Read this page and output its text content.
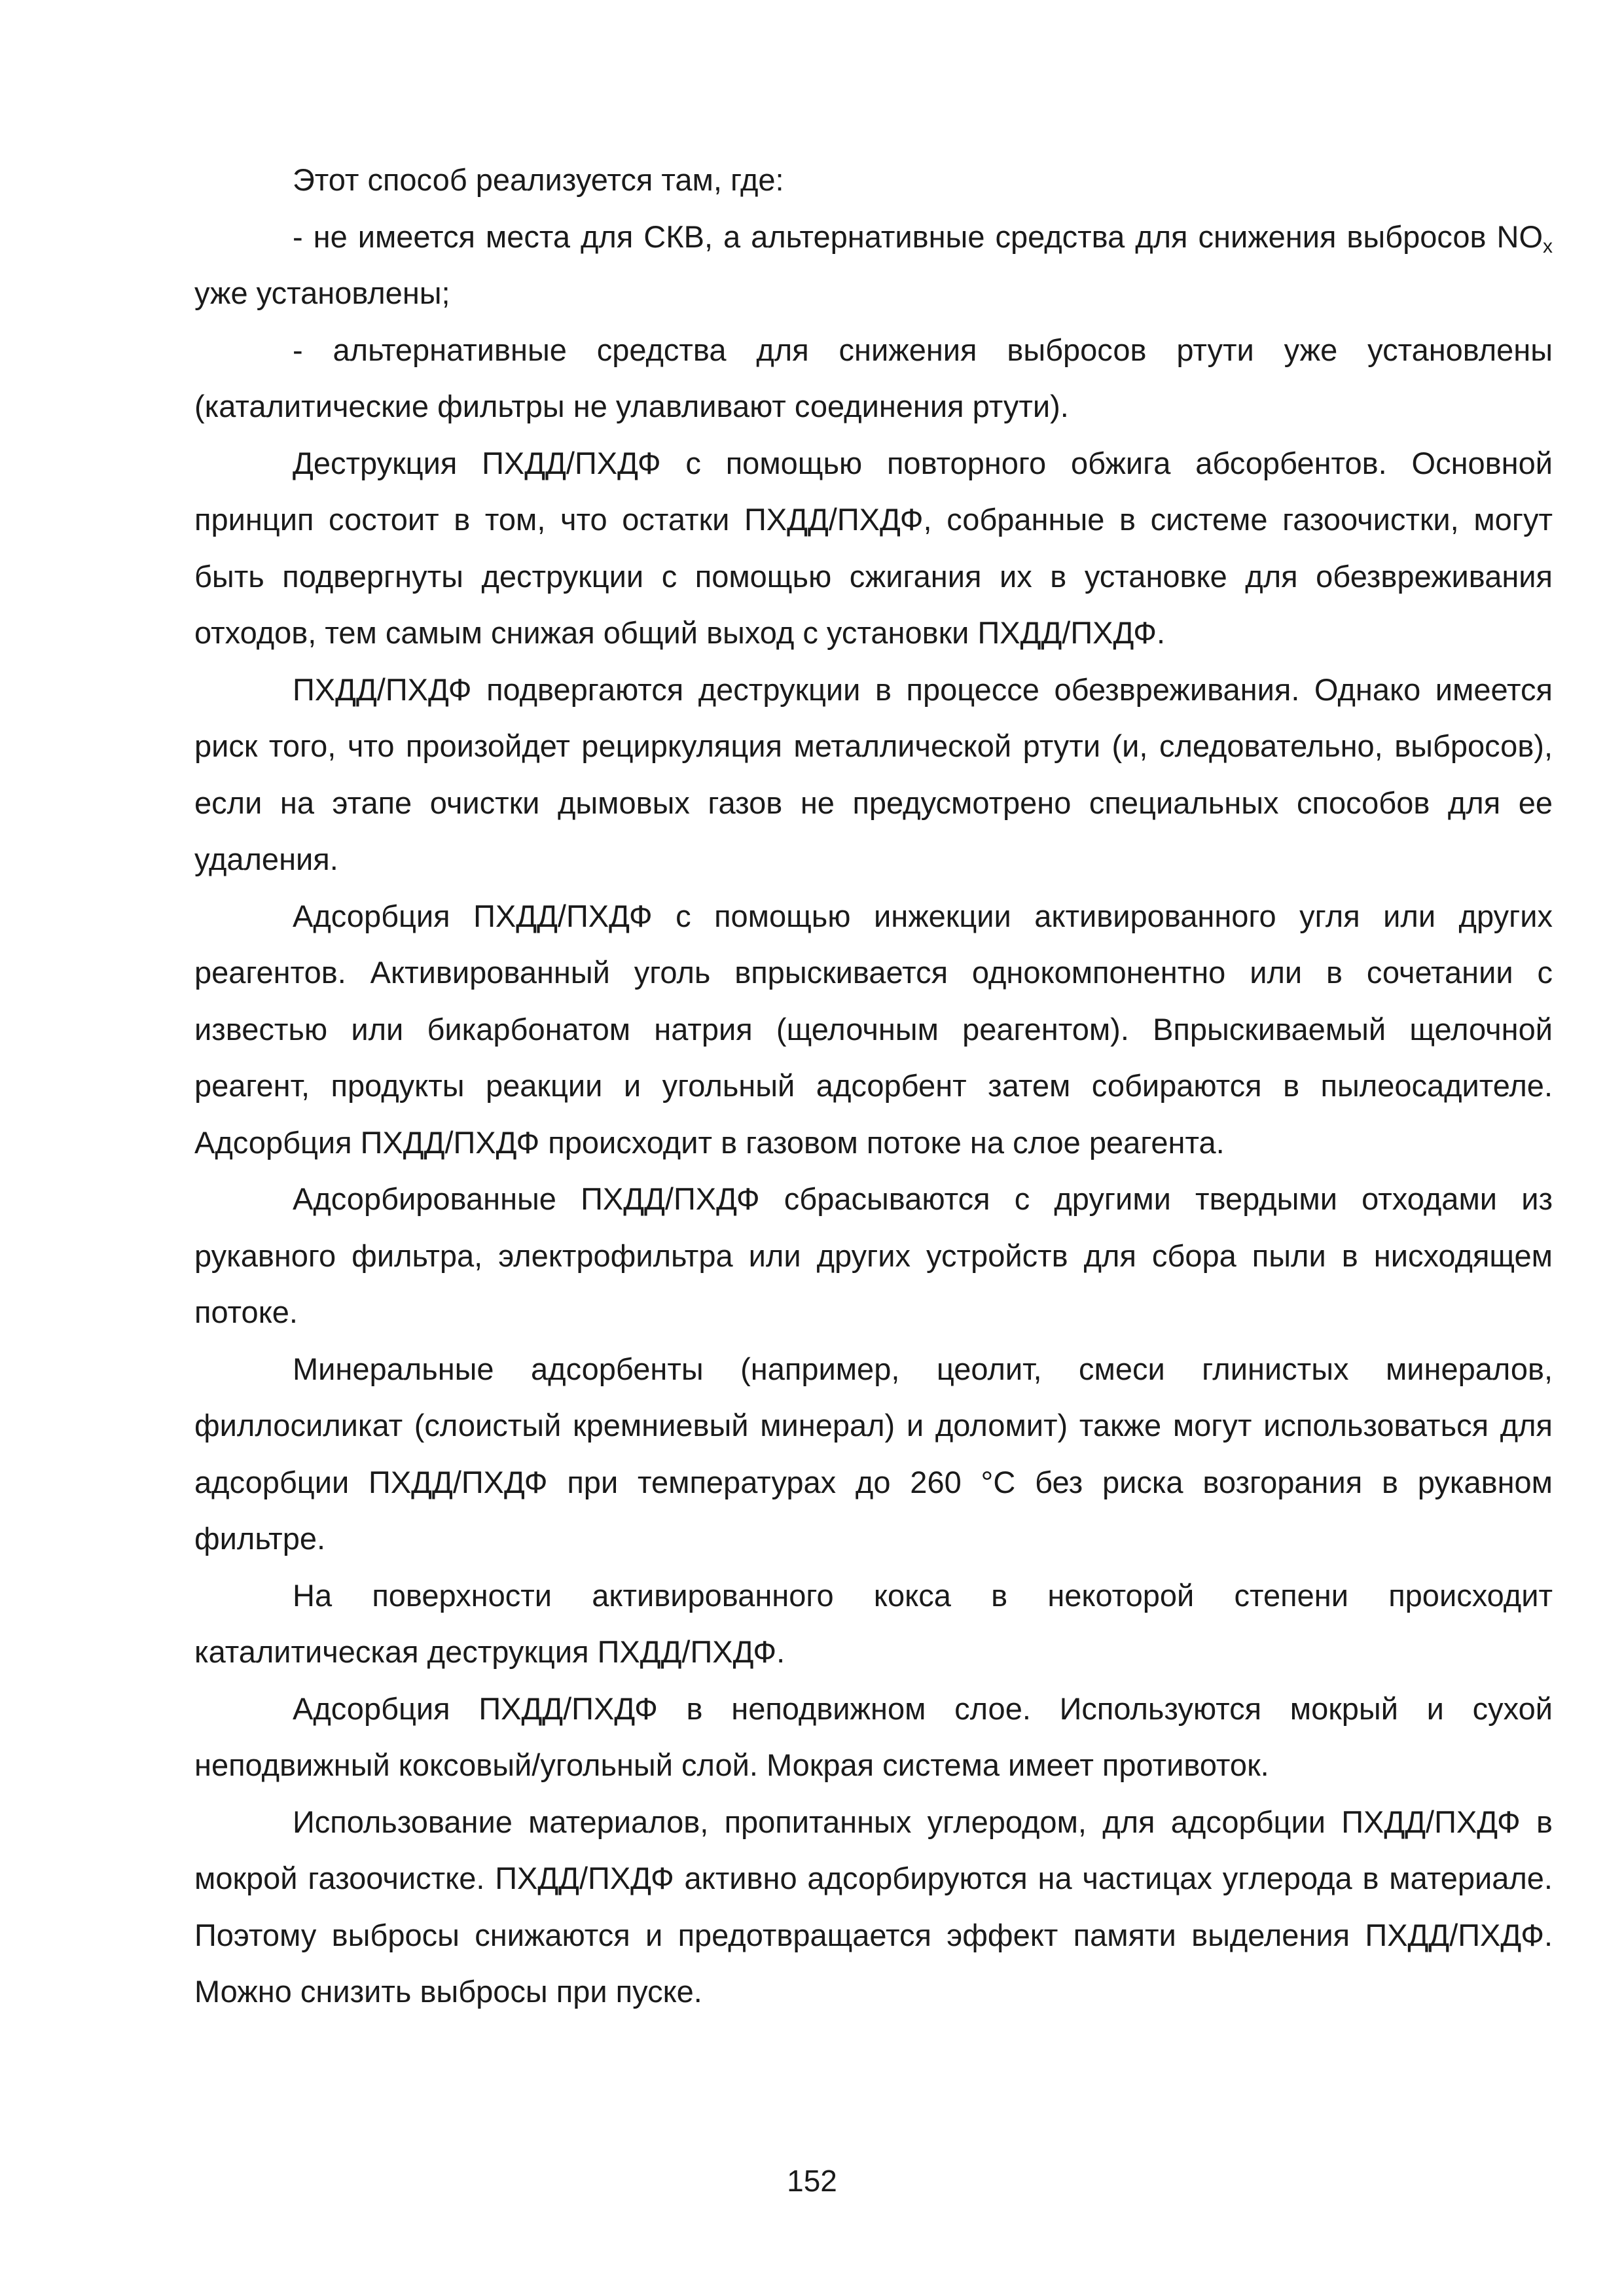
Этот способ реализуется там, где:

- не имеется места для СКВ, а альтернативные средства для снижения выбросов $NO_x$ уже установлены;

- альтернативные средства для снижения выбросов ртути уже установлены (каталитические фильтры не улавливают соединения ртути).

Деструкция ПХДД/ПХДФ с помощью повторного обжига абсорбентов. Основной принцип состоит в том, что остатки ПХДД/ПХДФ, собранные в системе газоочистки, могут быть подвергнуты деструкции с помощью сжигания их в установке для обезвреживания отходов, тем самым снижая общий выход с установки ПХДД/ПХДФ.

ПХДД/ПХДФ подвергаются деструкции в процессе обезвреживания. Однако имеется риск того, что произойдет рециркуляция металлической ртути (и, следовательно, выбросов), если на этапе очистки дымовых газов не предусмотрено специальных способов для ее удаления.

Адсорбция ПХДД/ПХДФ с помощью инжекции активированного угля или других реагентов. Активированный уголь впрыскивается однокомпонентно или в сочетании с известью или бикарбонатом натрия (щелочным реагентом). Впрыскиваемый щелочной реагент, продукты реакции и угольный адсорбент затем собираются в пылеосадителе. Адсорбция ПХДД/ПХДФ происходит в газовом потоке на слое реагента.

Адсорбированные ПХДД/ПХДФ сбрасываются с другими твердыми отходами из рукавного фильтра, электрофильтра или других устройств для сбора пыли в нисходящем потоке.

Минеральные адсорбенты (например, цеолит, смеси глинистых минералов, филлосиликат (слоистый кремниевый минерал) и доломит) также могут использоваться для адсорбции ПХДД/ПХДФ при температурах до 260 °С без риска возгорания в рукавном фильтре.

На поверхности активированного кокса в некоторой степени происходит каталитическая деструкция ПХДД/ПХДФ.

Адсорбция ПХДД/ПХДФ в неподвижном слое. Используются мокрый и сухой неподвижный коксовый/угольный слой. Мокрая система имеет противоток.

Использование материалов, пропитанных углеродом, для адсорбции ПХДД/ПХДФ в мокрой газоочистке. ПХДД/ПХДФ активно адсорбируются на частицах углерода в материале. Поэтому выбросы снижаются и предотвращается эффект памяти выделения ПХДД/ПХДФ. Можно снизить выбросы при пуске.

152
